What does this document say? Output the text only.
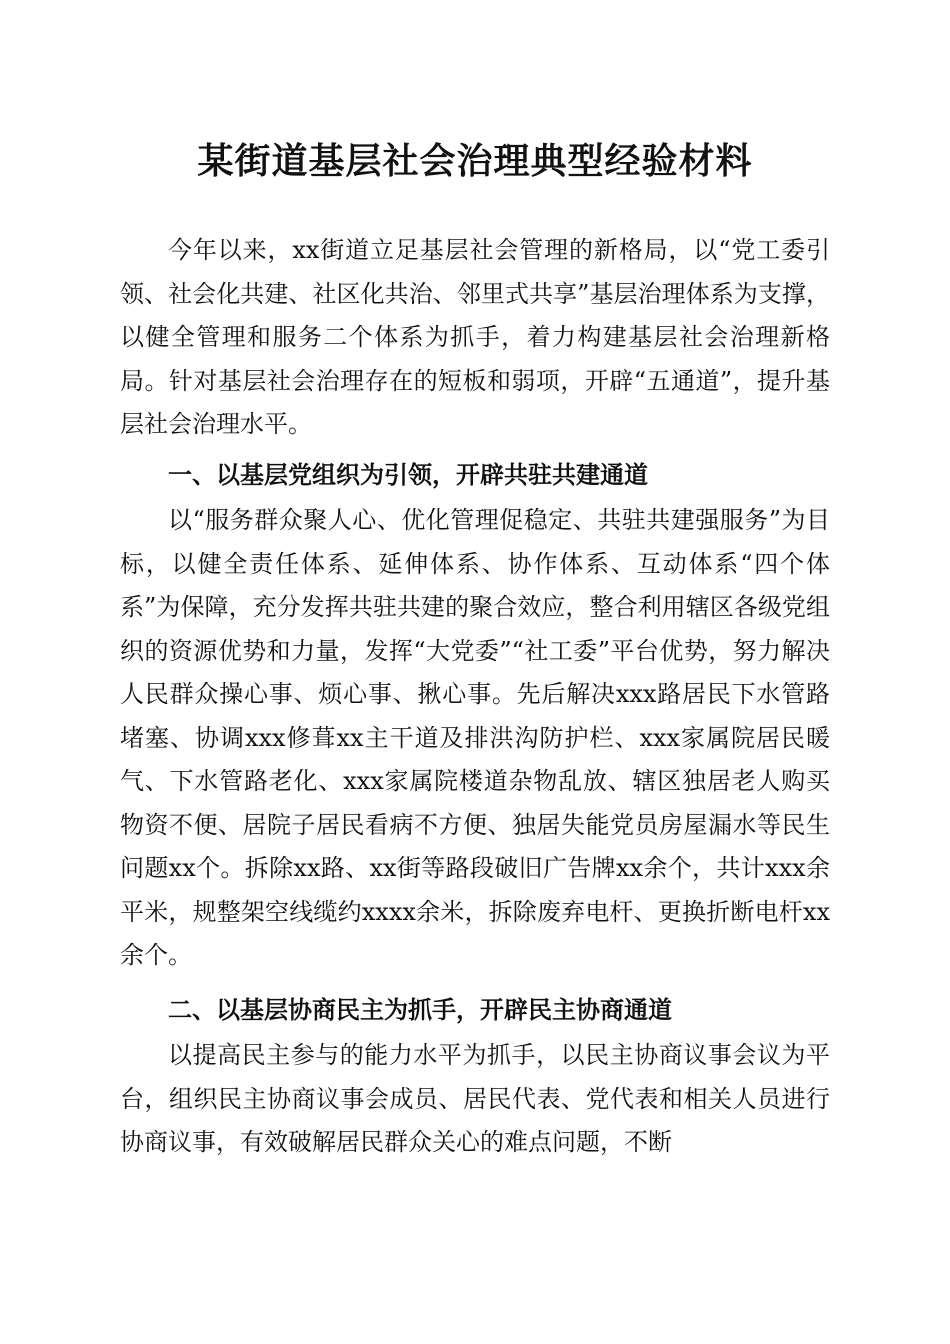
某街道基层社会治理典型经验材料

今年以来，xx街道立足基层社会管理的新格局，以“党工委引领、社会化共建、社区化共治、邻里式共享”基层治理体系为支撑，以健全管理和服务二个体系为抓手，着力构建基层社会治理新格局。针对基层社会治理存在的短板和弱项，开辟“五通道”，提升基层社会治理水平。

一、以基层党组织为引领，开辟共驻共建通道

以“服务群众聚人心、优化管理促稳定、共驻共建强服务”为目标，以健全责任体系、延伸体系、协作体系、互动体系“四个体系”为保障，充分发挥共驻共建的聚合效应，整合利用辖区各级党组织的资源优势和力量，发挥“大党委”“社工委”平台优势，努力解决人民群众操心事、烦心事、揪心事。先后解决xxx路居民下水管路堵塞、协调xxx修葺xx主干道及排洪沟防护栏、xxx家属院居民暖气、下水管路老化、xxx家属院楼道杂物乱放、辖区独居老人购买物资不便、居院子居民看病不方便、独居失能党员房屋漏水等民生问题xx个。拆除xx路、xx街等路段破旧广告牌xx余个，共计xxx余平米，规整架空线缆约xxxx余米，拆除废弃电杆、更换折断电杆xx余个。

二、以基层协商民主为抓手，开辟民主协商通道

以提高民主参与的能力水平为抓手，以民主协商议事会议为平台，组织民主协商议事会成员、居民代表、党代表和相关人员进行协商议事，有效破解居民群众关心的难点问题，不断
